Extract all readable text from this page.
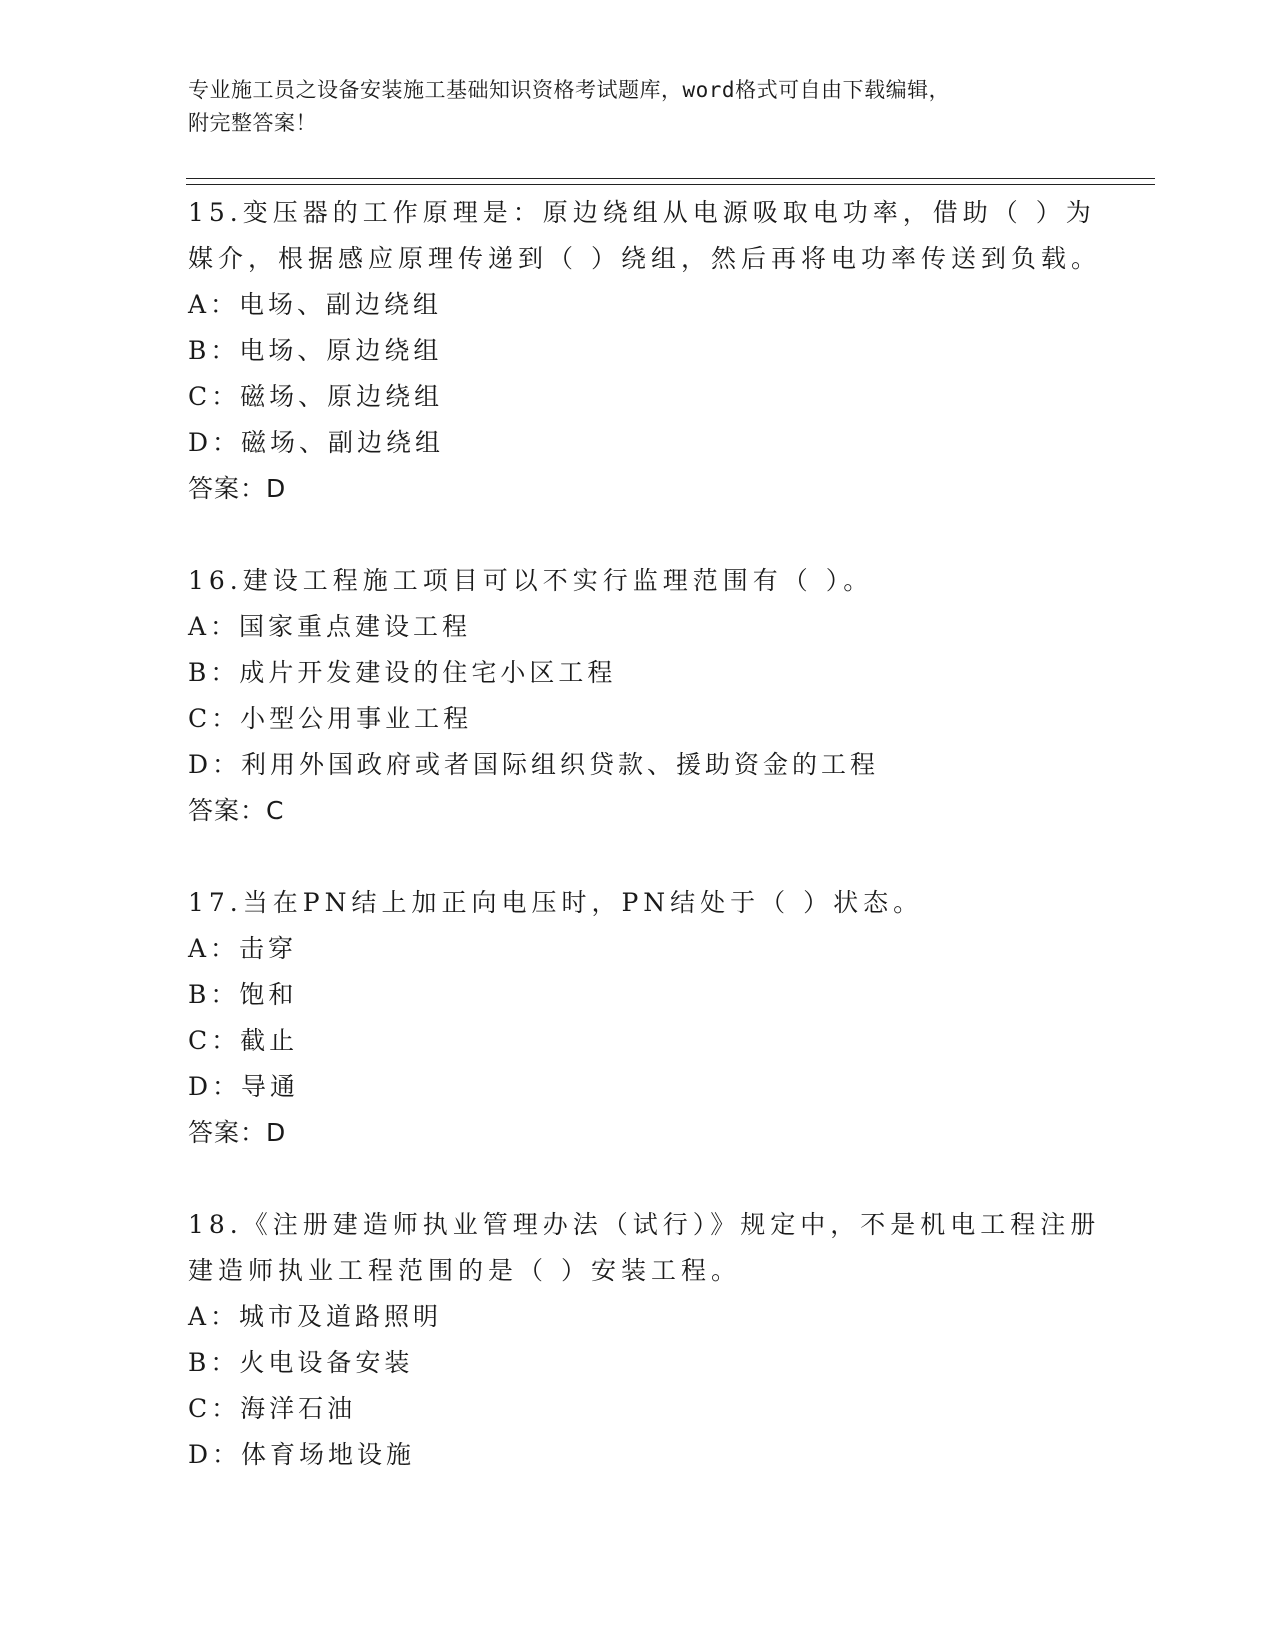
专业施工员之设备安装施工基础知识资格考试题库，word格式可自由下载编辑，
附完整答案！
15.变压器的工作原理是：原边绕组从电源吸取电功率，借助（ ）为
媒介，根据感应原理传递到（ ）绕组，然后再将电功率传送到负载。
A：电场、副边绕组
B：电场、原边绕组
C：磁场、原边绕组
D：磁场、副边绕组
答案：D
16.建设工程施工项目可以不实行监理范围有（ ）。
A：国家重点建设工程
B：成片开发建设的住宅小区工程
C：小型公用事业工程
D：利用外国政府或者国际组织贷款、援助资金的工程
答案：C
17.当在PN结上加正向电压时，PN结处于（ ）状态。
A：击穿
B：饱和
C：截止
D：导通
答案：D
18.《注册建造师执业管理办法（试行）》规定中，不是机电工程注册
建造师执业工程范围的是（ ）安装工程。
A：城市及道路照明
B：火电设备安装
C：海洋石油
D：体育场地设施
